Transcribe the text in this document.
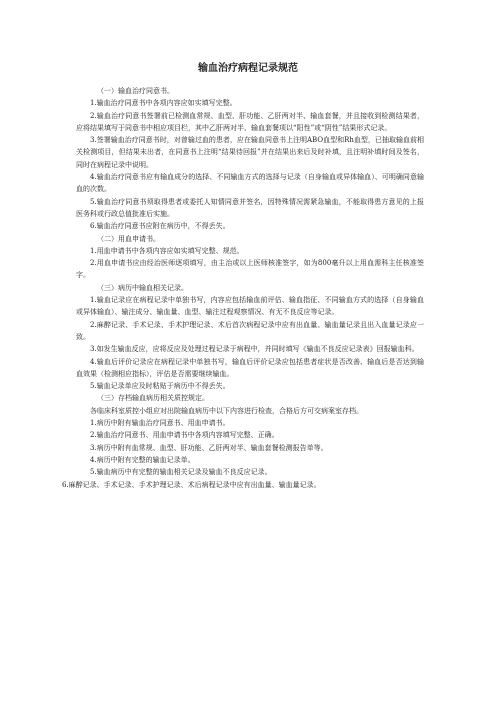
输血治疗病程记录规范

（一）输血治疗同意书。

1.输血治疗同意书中各项内容应如实填写完整。

2.输血治疗同意书签署前已检测血常规、血型、肝功能、乙肝两对半、输血套餐，并且接收到检测结果者，应将结果填写于同意书中相应项目栏，其中乙肝两对半、输血套餐项以“阳性”或“阴性”结果形式记录。

3.签署输血治疗同意书时，对曾输过血的患者，应在输血同意书上注明ABO血型和Rh血型，已抽取输血前相关检测项目，但结果未出者，在同意书上注明“结果待回报”并在结果出来后及时补填，且注明补填时间及签名，同时在病程记录中说明。

4.输血治疗同意书应有输血成分的选择、不同输血方式的选择与记录（自身输血或异体输血）、可明确同意输血的次数。

5.输血治疗同意书须取得患者或委托人知情同意并签名，因特殊情况需紧急输血，不能取得患方意见的上报医务科或行政总值批准后实施。

6.输血治疗同意书应附在病历中，不得丢失。

（二）用血申请书。

1.用血申请书中各项内容应如实填写完整、规范。

2.用血申请书应由经治医师逐项填写，由主治或以上医师核准签字，如为800毫升以上用血需科主任核准签字。

（三）病历中输血相关记录。

1.输血记录应在病程记录中单独书写，内容应包括输血前评估、输血指征、不同输血方式的选择（自身输血或异体输血）、输注成分、输血量、血型、输注过程观察情况、有无不良反应等记录。

2.麻醉记录、手术记录、手术护理记录、术后首次病程记录中应有出血量、输血量记录且出入血量记录应一致。

3.如发生输血反应，应将反应及处理过程记录于病程中，并同时填写《输血不良反应记录表》回报输血科。

4.输血后评价记录应在病程记录中单独书写，输血后评价记录应包括患者症状是否改善、输血后是否达到输血效果（检测相应指标），评估是否需要继续输血。

5.输血记录单应及时粘贴于病历中不得丢失。

（三）存档输血病历相关质控规定。

各临床科室质控小组应对出院输血病历中以下内容进行检查，合格后方可交病案室存档。

1.病历中附有输血治疗同意书、用血申请书。

2.输血治疗同意书、用血申请书中各项内容填写完整、正确。

3.病历中附有血常规、血型、肝功能、乙肝两对半、输血套餐检测报告单等。

4.病历中附有完整的输血记录单。

5.输血病历中有完整的输血相关记录及输血不良反应记录。

6.麻醉记录、手术记录、手术护理记录、术后病程记录中应有出血量、输血量记录。
